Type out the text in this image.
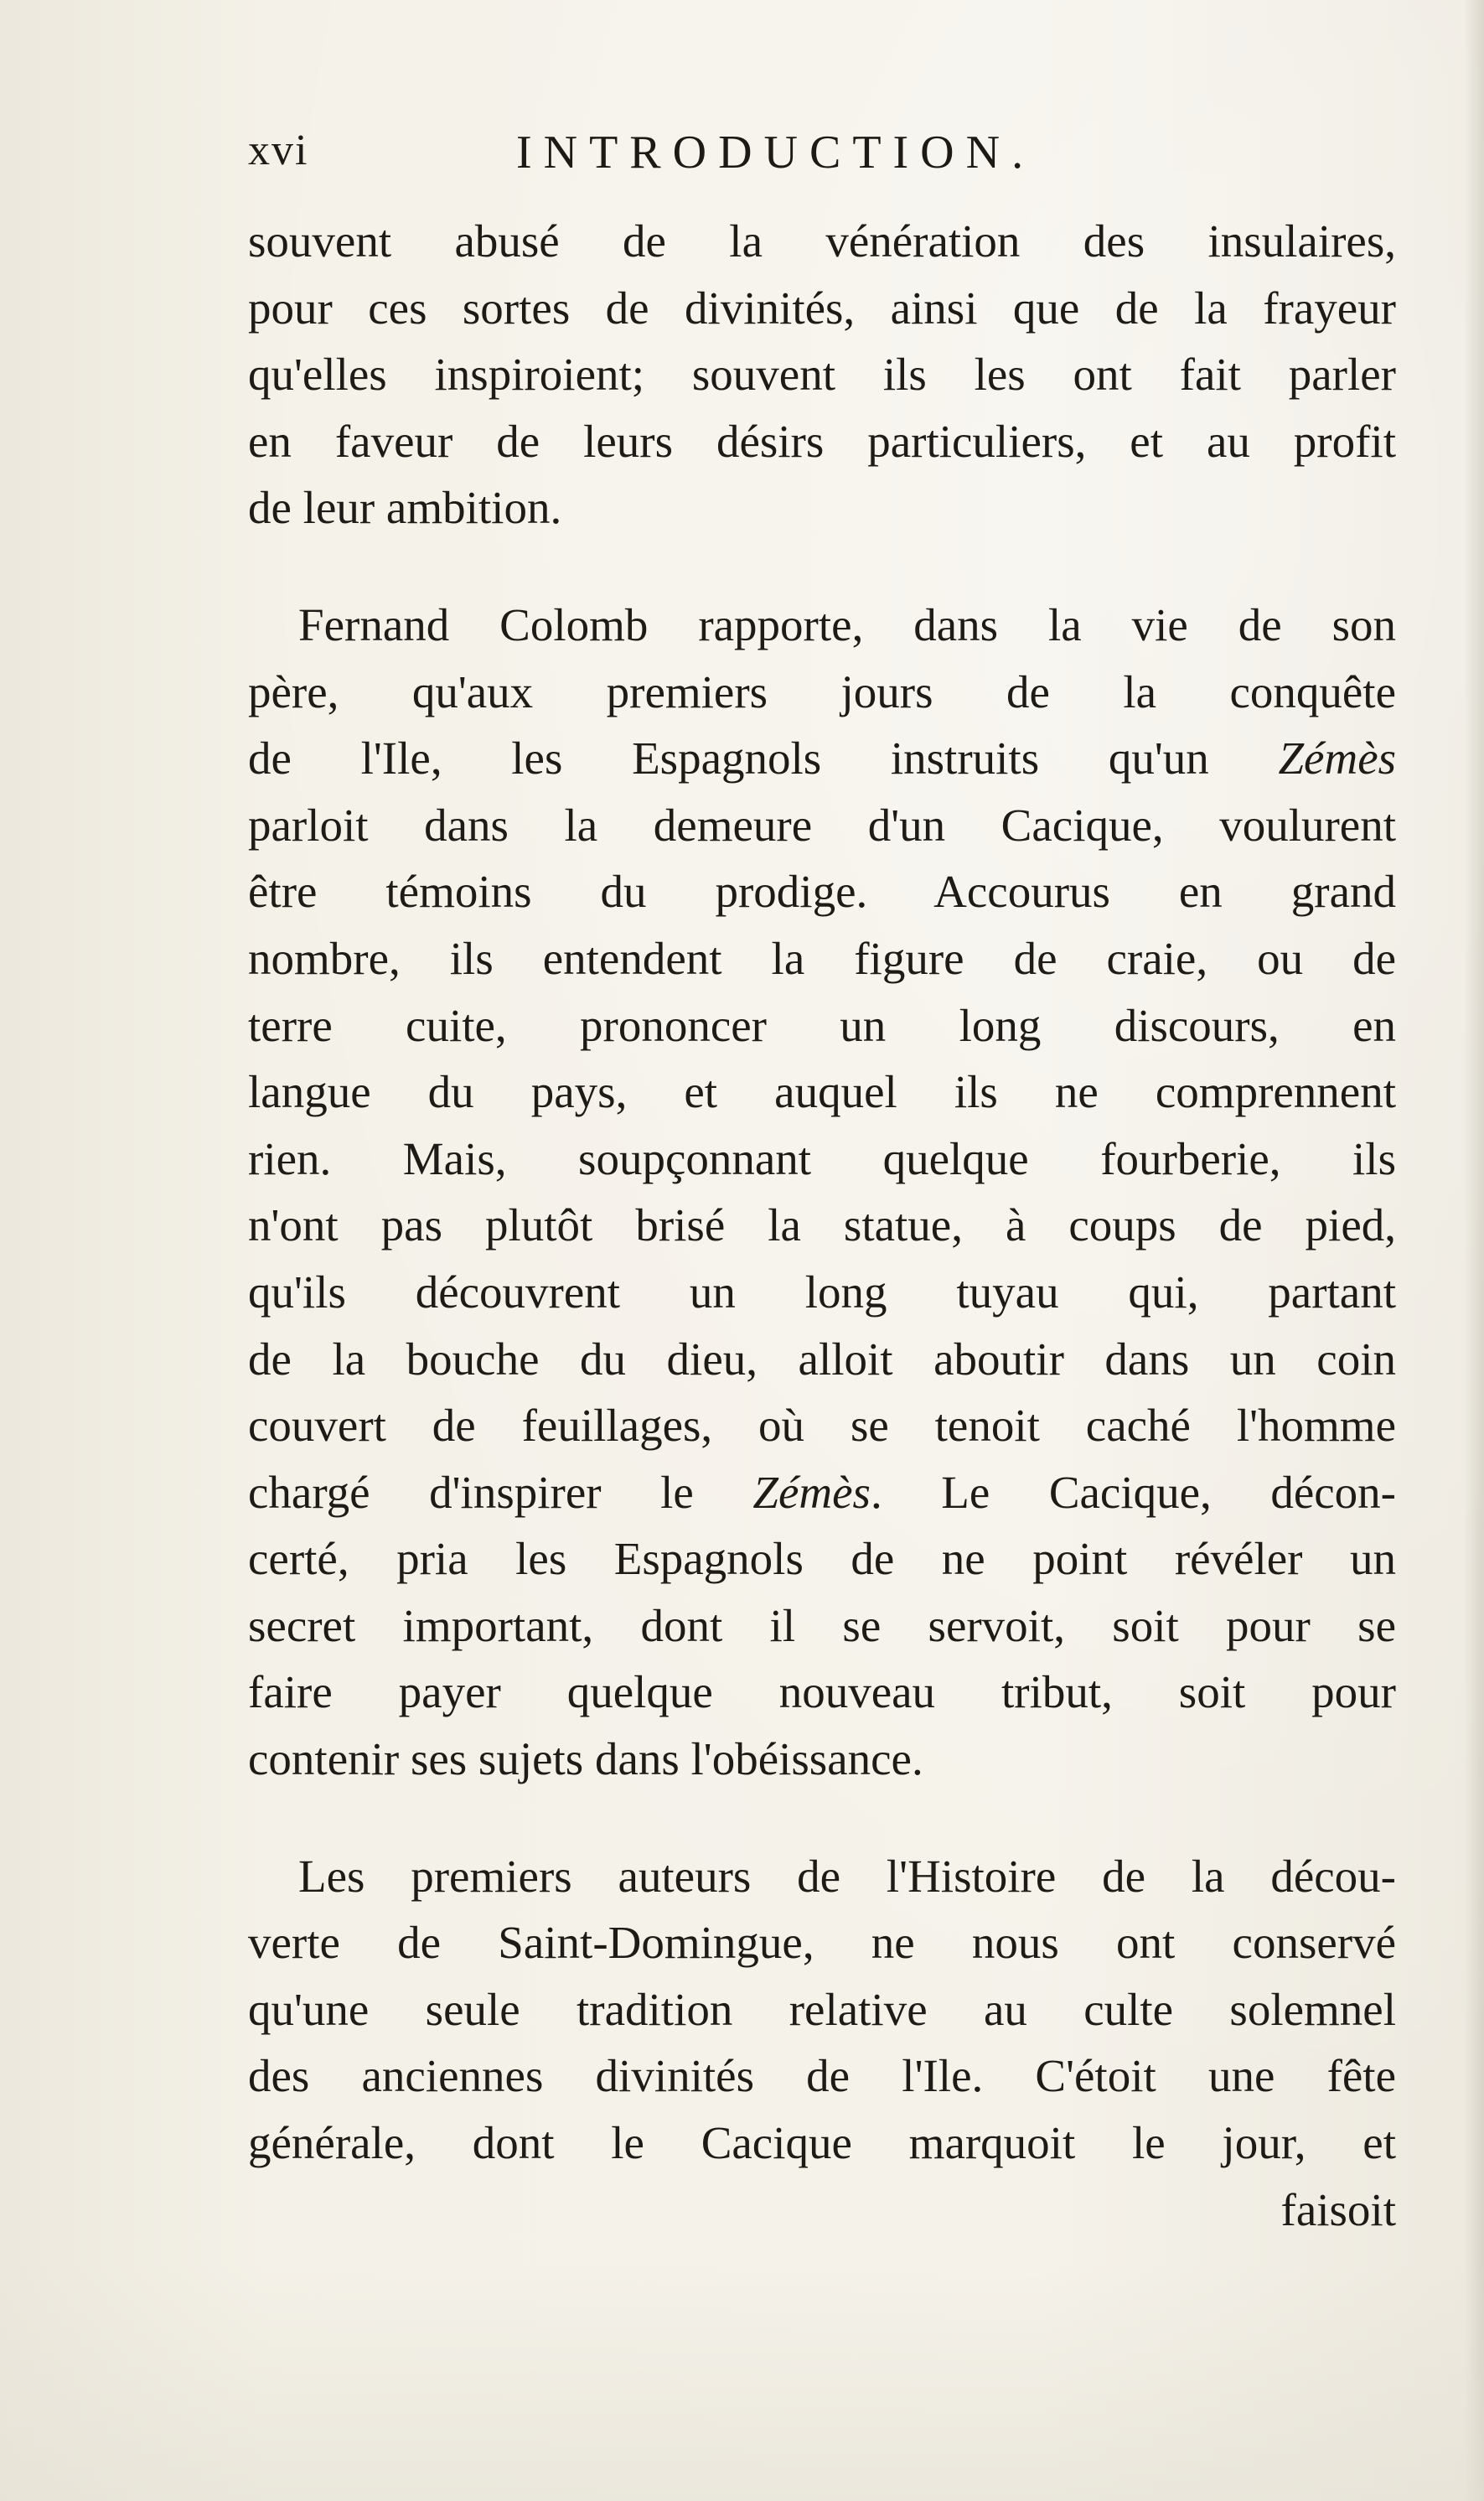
xvi	INTRODUCTION.
souvent abusé de la vénération des insulaires,
pour ces sortes de divinités, ainsi que de la frayeur
qu'elles inspiroient; souvent ils les ont fait parler
en faveur de leurs désirs particuliers, et au profit
de leur ambition.
Fernand Colomb rapporte, dans la vie de son
père, qu'aux premiers jours de la conquête
de l'Ile, les Espagnols instruits qu'un Zémès
parloit dans la demeure d'un Cacique, voulurent
être témoins du prodige. Accourus en grand
nombre, ils entendent la figure de craie, ou de
terre cuite, prononcer un long discours, en
langue du pays, et auquel ils ne comprennent
rien. Mais, soupçonnant quelque fourberie, ils
n'ont pas plutôt brisé la statue, à coups de pied,
qu'ils découvrent un long tuyau qui, partant
de la bouche du dieu, alloit aboutir dans un coin
couvert de feuillages, où se tenoit caché l'homme
chargé d'inspirer le Zémès. Le Cacique, décon-
certé, pria les Espagnols de ne point révéler un
secret important, dont il se servoit, soit pour se
faire payer quelque nouveau tribut, soit pour
contenir ses sujets dans l'obéissance.
Les premiers auteurs de l'Histoire de la décou-
verte de Saint-Domingue, ne nous ont conservé
qu'une seule tradition relative au culte solemnel
des anciennes divinités de l'Ile. C'étoit une fête
générale, dont le Cacique marquoit le jour, et
faisoit
